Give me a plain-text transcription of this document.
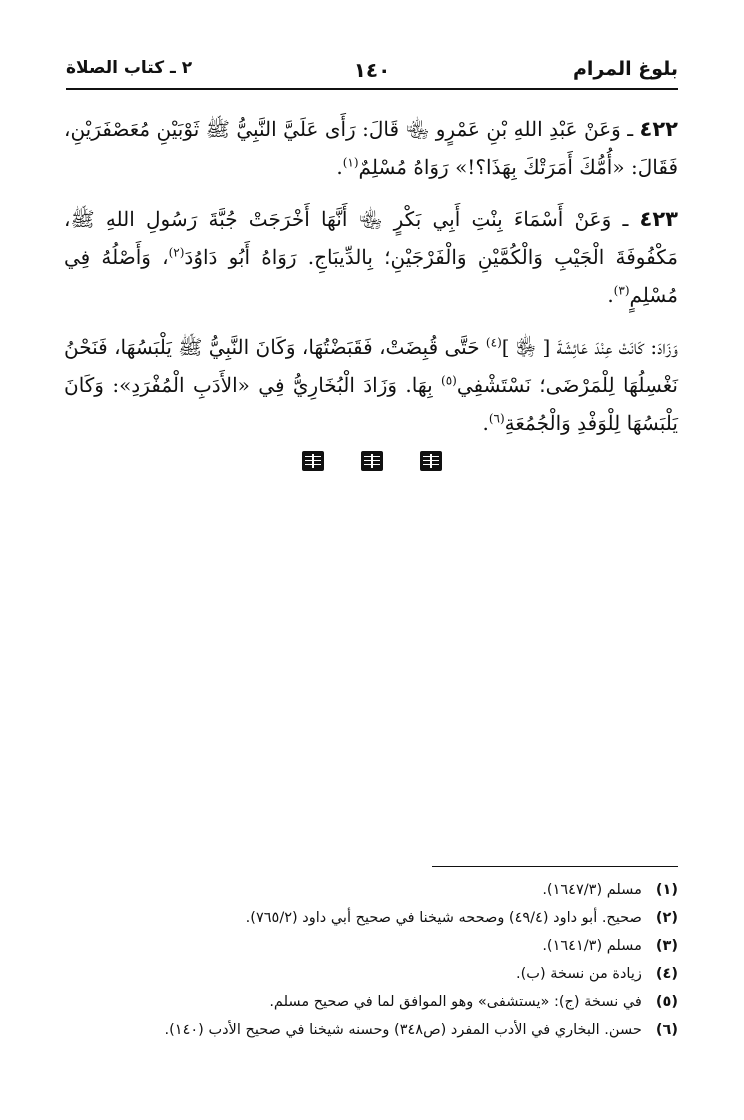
بلوغ المرام
١٤٠
٢ ـ كتاب الصلاة

٤٢٢ ـ وَعَنْ عَبْدِ اللهِ بْنِ عَمْرٍو ﵄ قَالَ: رَأَى عَلَيَّ النَّبِيُّ ﷺ ثَوْبَيْنِ مُعَصْفَرَيْنِ، فَقَالَ: «أُمُّكَ أَمَرَتْكَ بِهَذَا؟!» رَوَاهُ مُسْلِمٌ$^{(١)}$.

٤٢٣ ـ وَعَنْ أَسْمَاءَ بِنْتِ أَبِي بَكْرٍ ﵄ أَنَّهَا أَخْرَجَتْ جُبَّةَ رَسُولِ اللهِ ﷺ، مَكْفُوفَةَ الْجَيْبِ وَالْكُمَّيْنِ وَالْفَرْجَيْنِ؛ بِالدِّيبَاجِ. رَوَاهُ أَبُو دَاوُدَ$^{(٢)}$، وَأَصْلُهُ فِي مُسْلِمٍ$^{(٣)}$.

وَزَادَ: كَانَتْ عِنْدَ عَائِشَةَ [ ﵂ ]$^{(٤)}$ حَتَّى قُبِضَتْ، فَقَبَضْتُهَا، وَكَانَ النَّبِيُّ ﷺ يَلْبَسُهَا، فَنَحْنُ نَغْسِلُهَا لِلْمَرْضَى؛ نَسْتَشْفِي$^{(٥)}$ بِهَا. وَزَادَ الْبُخَارِيُّ فِي «الأَدَبِ الْمُفْرَدِ»: وَكَانَ يَلْبَسُهَا لِلْوَفْدِ وَالْجُمُعَةِ$^{(٦)}$.

(١)مسلم (١٦٤٧/٣).
(٢)صحيح. أبو داود (٤٩/٤) وصححه شيخنا في صحيح أبي داود (٧٦٥/٢).
(٣)مسلم (١٦٤١/٣).
(٤)زيادة من نسخة (ب).
(٥)في نسخة (ج): «يستشفى» وهو الموافق لما في صحيح مسلم.
(٦)حسن. البخاري في الأدب المفرد (ص٣٤٨) وحسنه شيخنا في صحيح الأدب (١٤٠).
